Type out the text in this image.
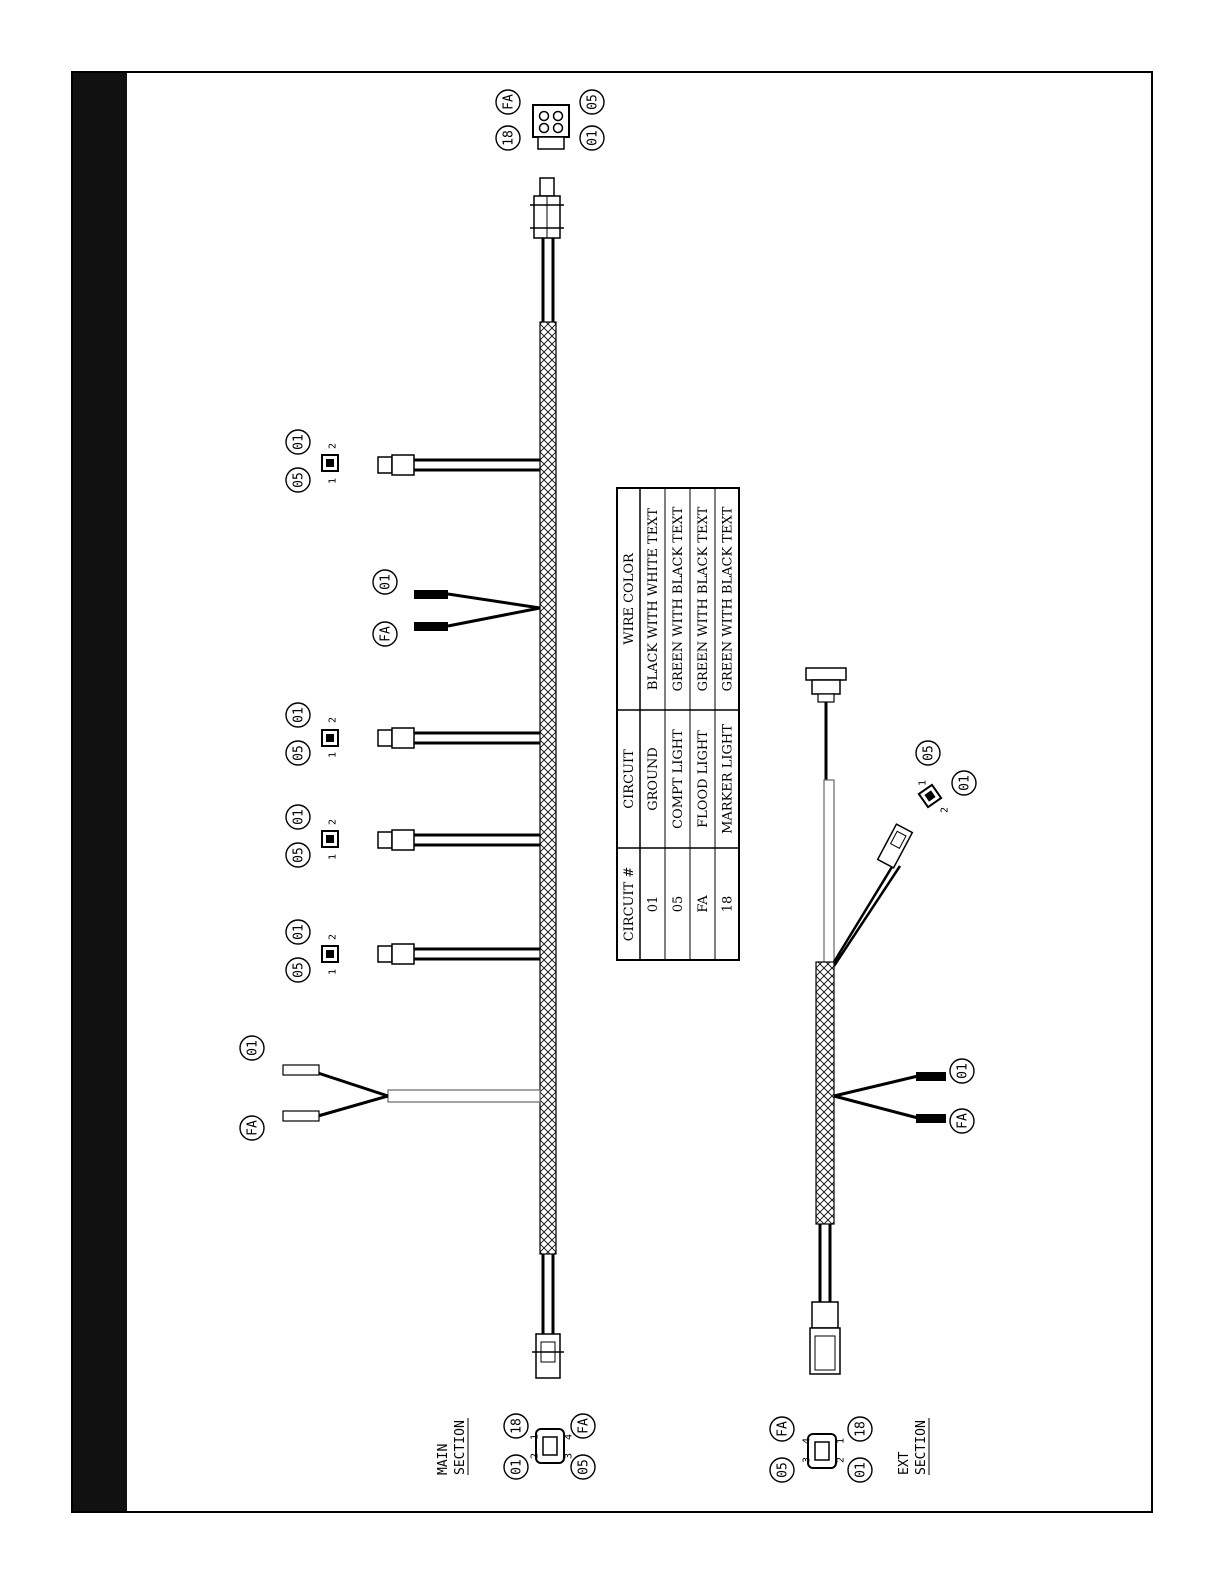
FA
18
05
01
01
05
01
FA
01
05
01
05
01
05
01
FA
01
FA
05
01
18
01
FA
05
FA
05
18
01
2
1
2
1
2
1
2
1
1
2
1
2
4
3
4
3
1
2
MAIN SECTION	EXT SECTION
CIRCUIT #
CIRCUIT
WIRE COLOR
01
GROUND
BLACK WITH WHITE TEXT
05
COMPT LIGHT
GREEN WITH BLACK TEXT
FA
FLOOD LIGHT
GREEN WITH BLACK TEXT
18
MARKER LIGHT
GREEN WITH BLACK TEXT
